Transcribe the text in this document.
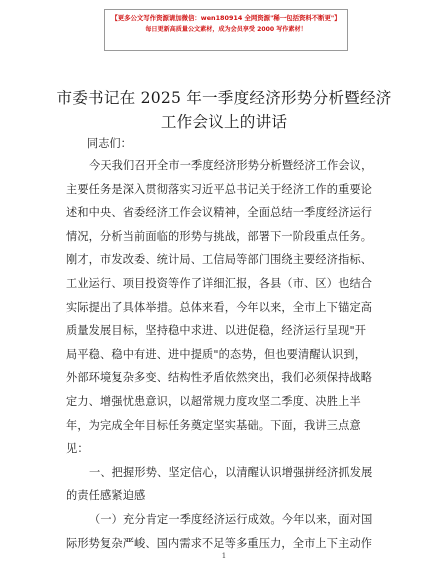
【更多公文写作资源请加微信：wen180914 全网资源"稀一包括资料不断更"】
每日更新高质量公文素材，成为会员享受 2000 写作素材！
市委书记在 2025 年一季度经济形势分析暨经济
工作会议上的讲话
同志们：
今天我们召开全市一季度经济形势分析暨经济工作会议，
主要任务是深入贯彻落实习近平总书记关于经济工作的重要论
述和中央、省委经济工作会议精神，全面总结一季度经济运行
情况，分析当前面临的形势与挑战，部署下一阶段重点任务。
刚才，市发改委、统计局、工信局等部门围绕主要经济指标、
工业运行、项目投资等作了详细汇报，各县（市、区）也结合
实际提出了具体举措。总体来看，今年以来，全市上下锚定高
质量发展目标，坚持稳中求进、以进促稳，经济运行呈现"开
局平稳、稳中有进、进中提质"的态势，但也要清醒认识到，
外部环境复杂多变、结构性矛盾依然突出，我们必须保持战略
定力、增强忧患意识，以超常规力度攻坚二季度、决胜上半
年，为完成全年目标任务奠定坚实基础。下面，我讲三点意
见：
一、把握形势、坚定信心，以清醒认识增强拼经济抓发展
的责任感紧迫感
（一）充分肯定一季度经济运行成效。今年以来，面对国
际形势复杂严峻、国内需求不足等多重压力，全市上下主动作
1
